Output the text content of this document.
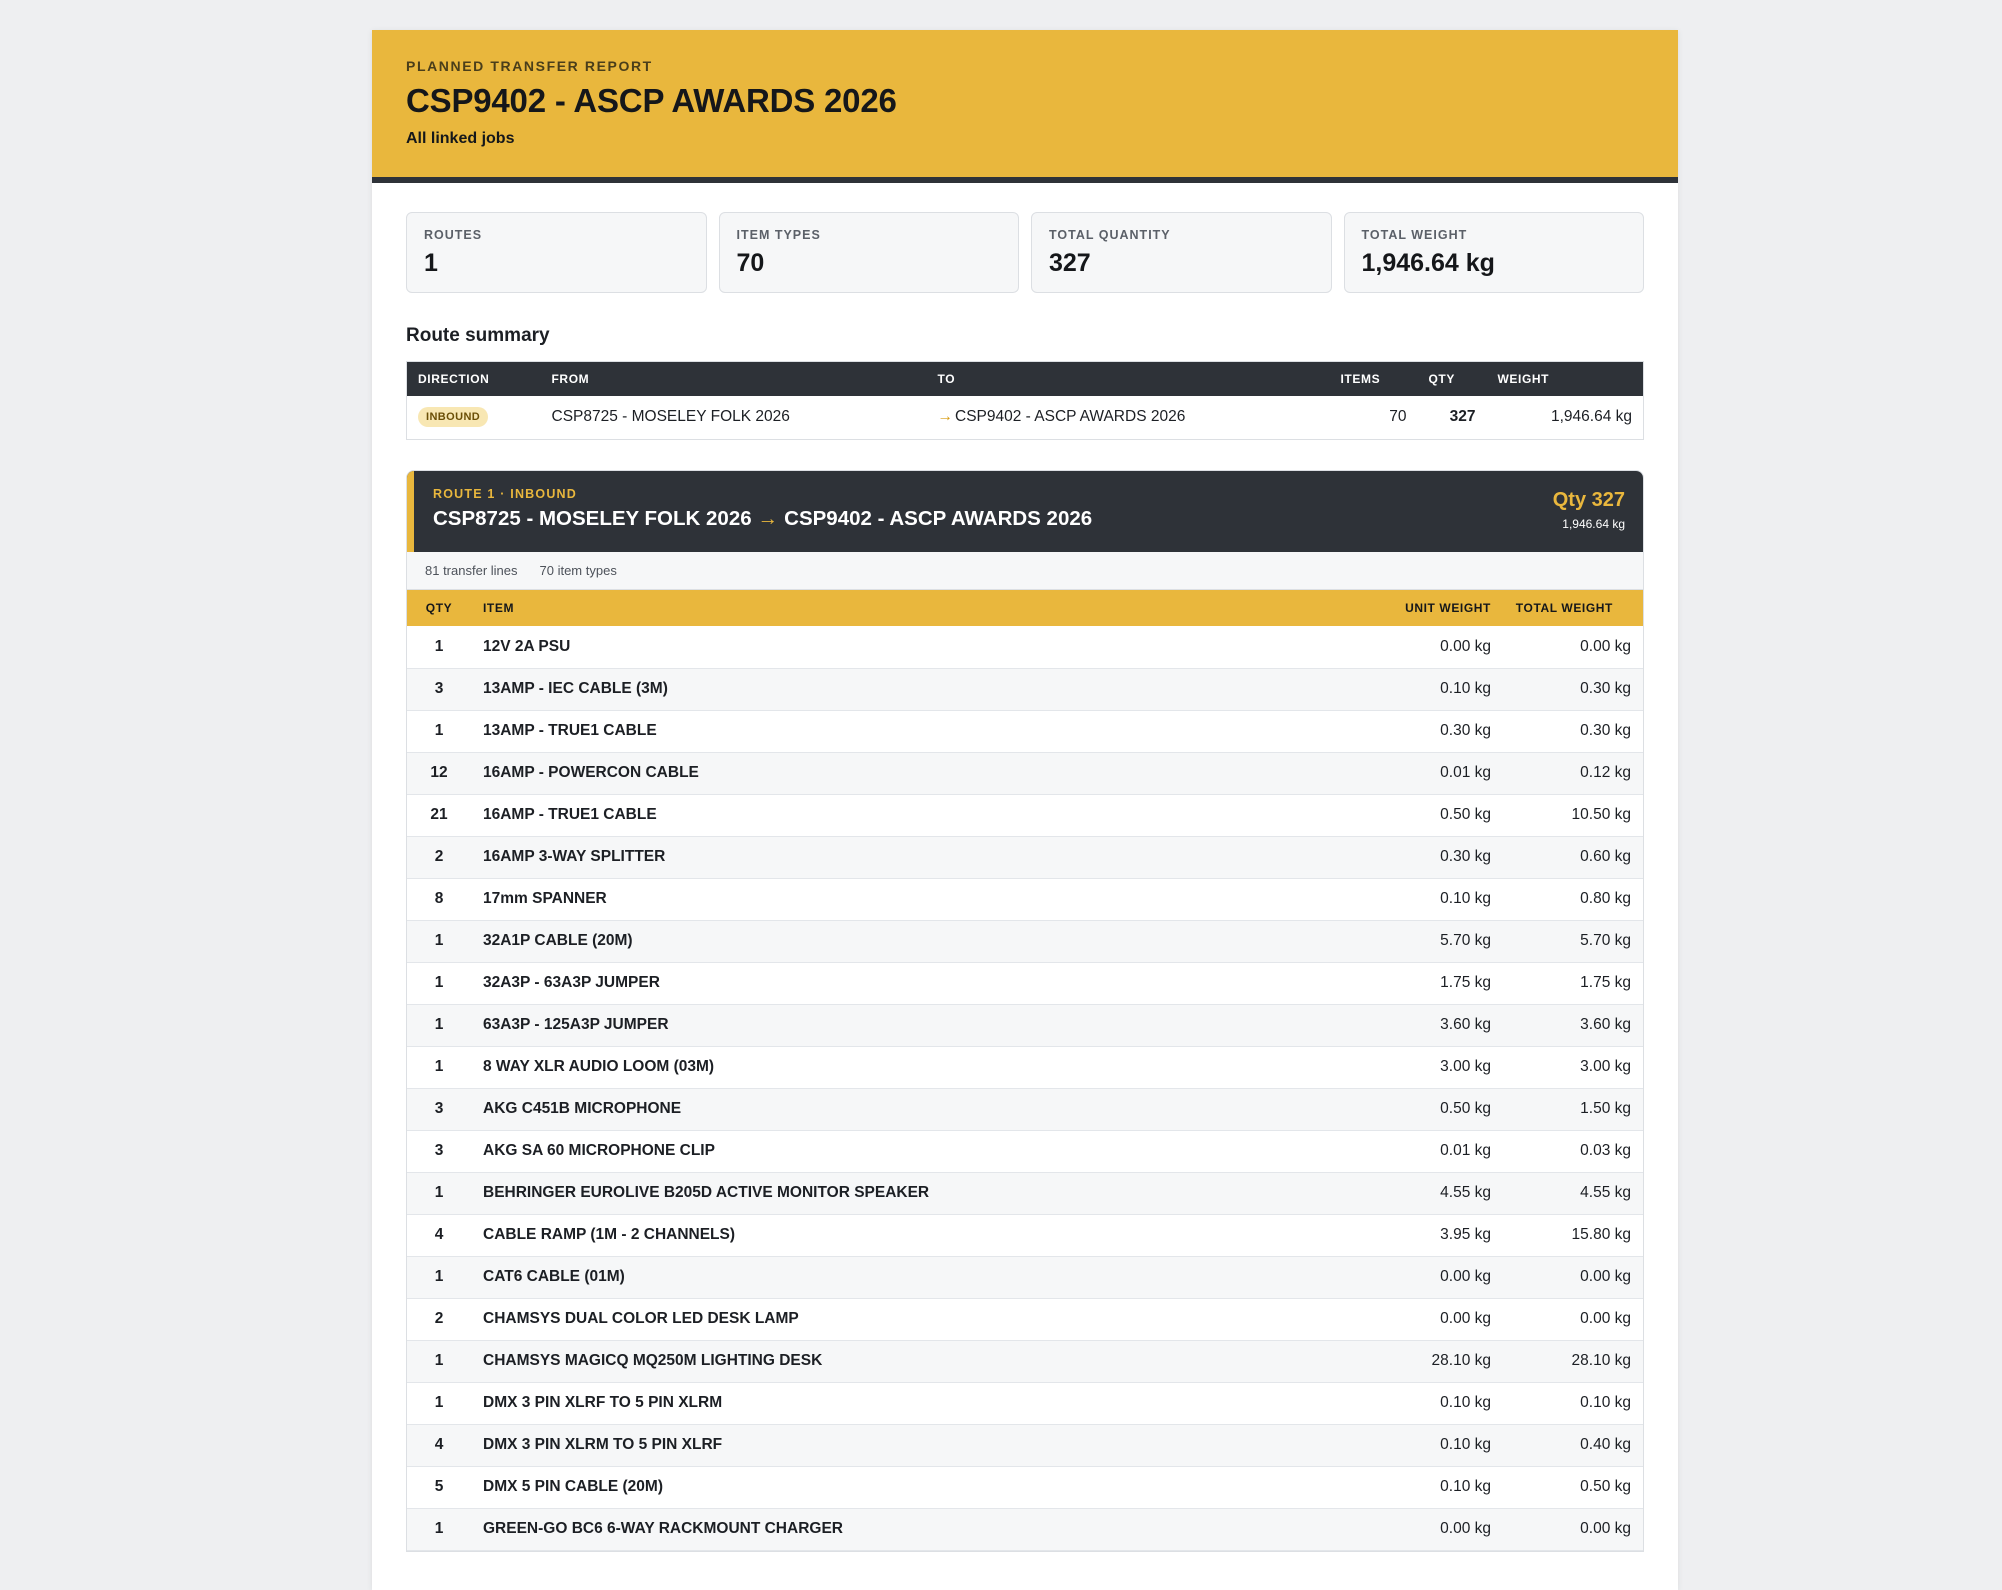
PLANNED TRANSFER REPORT
CSP9402 - ASCP AWARDS 2026
All linked jobs
ROUTES
1
ITEM TYPES
70
TOTAL QUANTITY
327
TOTAL WEIGHT
1,946.64 kg
Route summary
DIRECTION	FROM	TO	ITEMS	QTY	WEIGHT
INBOUND	CSP8725 - MOSELEY FOLK 2026	→ CSP9402 - ASCP AWARDS 2026	70	327	1,946.64 kg
ROUTE 1 · INBOUND
CSP8725 - MOSELEY FOLK 2026 → CSP9402 - ASCP AWARDS 2026
Qty 327
1,946.64 kg
81 transfer lines 70 item types
QTY	ITEM	UNIT WEIGHT	TOTAL WEIGHT
1	12V 2A PSU	0.00 kg	0.00 kg
3	13AMP - IEC CABLE (3M)	0.10 kg	0.30 kg
1	13AMP - TRUE1 CABLE	0.30 kg	0.30 kg
12	16AMP - POWERCON CABLE	0.01 kg	0.12 kg
21	16AMP - TRUE1 CABLE	0.50 kg	10.50 kg
2	16AMP 3-WAY SPLITTER	0.30 kg	0.60 kg
8	17mm SPANNER	0.10 kg	0.80 kg
1	32A1P CABLE (20M)	5.70 kg	5.70 kg
1	32A3P - 63A3P JUMPER	1.75 kg	1.75 kg
1	63A3P - 125A3P JUMPER	3.60 kg	3.60 kg
1	8 WAY XLR AUDIO LOOM (03M)	3.00 kg	3.00 kg
3	AKG C451B MICROPHONE	0.50 kg	1.50 kg
3	AKG SA 60 MICROPHONE CLIP	0.01 kg	0.03 kg
1	BEHRINGER EUROLIVE B205D ACTIVE MONITOR SPEAKER	4.55 kg	4.55 kg
4	CABLE RAMP (1M - 2 CHANNELS)	3.95 kg	15.80 kg
1	CAT6 CABLE (01M)	0.00 kg	0.00 kg
2	CHAMSYS DUAL COLOR LED DESK LAMP	0.00 kg	0.00 kg
1	CHAMSYS MAGICQ MQ250M LIGHTING DESK	28.10 kg	28.10 kg
1	DMX 3 PIN XLRF TO 5 PIN XLRM	0.10 kg	0.10 kg
4	DMX 3 PIN XLRM TO 5 PIN XLRF	0.10 kg	0.40 kg
5	DMX 5 PIN CABLE (20M)	0.10 kg	0.50 kg
1	GREEN-GO BC6 6-WAY RACKMOUNT CHARGER	0.00 kg	0.00 kg
